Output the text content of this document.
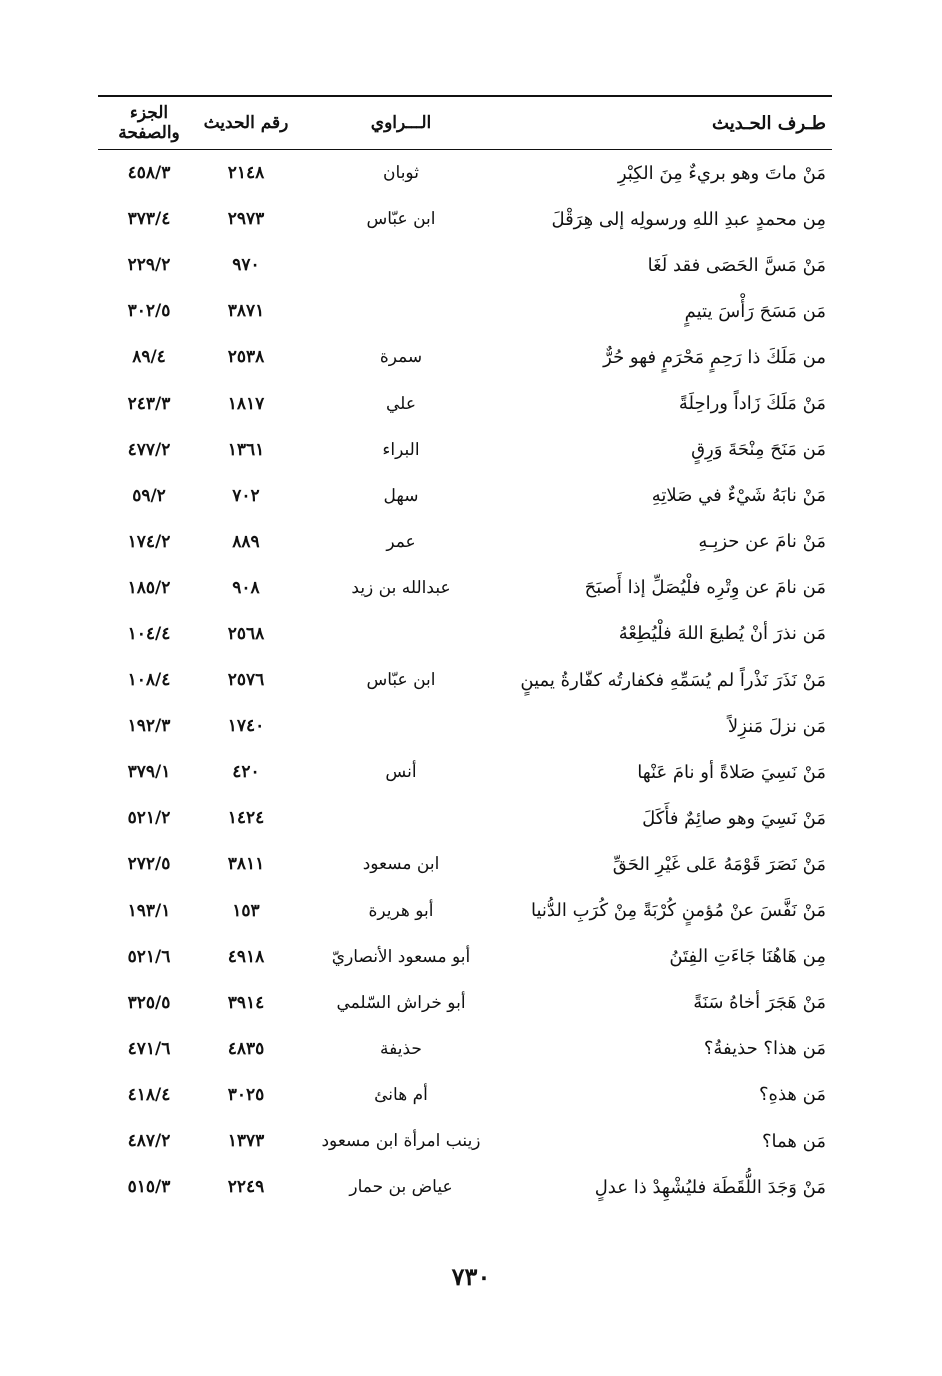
طـرف الحـديث
الـــراوي
رقم الحديث
الجزء والصفحة
مَنْ ماتَ وهو بريءٌ مِنَ الكِبْرِ
ثوبان
٢١٤٨
٤٥٨/٣
مِن محمدٍ عبدِ اللهِ ورسولِه إلى هِرَقْلَ
ابن عبّاس
٢٩٧٣
٣٧٣/٤
مَنْ مَسَّ الحَصَى فقد لَغَا
٩٧٠
٢٢٩/٢
مَن مَسَحَ رَأْسَ يتيمٍ
٣٨٧١
٣٠٢/٥
من مَلَكَ ذا رَحِمٍ مَحْرَمٍ فهو حُرٌّ
سمرة
٢٥٣٨
٨٩/٤
مَنْ مَلَكَ زَاداً وراحِلَةً
علي
١٨١٧
٢٤٣/٣
مَن مَنَحَ مِنْحَةَ وَرِقٍ
البراء
١٣٦١
٤٧٧/٢
مَنْ نابَهُ شَيْءٌ في صَلاتِهِ
سهل
٧٠٢
٥٩/٢
مَنْ نامَ عن حزبِـهِ
عمر
٨٨٩
١٧٤/٢
مَن نامَ عن وِتْرِه فلْيُصَلِّ إذا أَصبَحَ
عبدالله بن زيد
٩٠٨
١٨٥/٢
مَن نذرَ أنْ يُطيعَ اللهَ فلْيُطِعْهُ
٢٥٦٨
١٠٤/٤
مَنْ نَذَرَ نَذْراً لم يُسَمِّهِ فكفارتُه كفّارةُ يمينٍ
ابن عبّاس
٢٥٧٦
١٠٨/٤
مَن نزلَ مَنزِلاً
١٧٤٠
١٩٢/٣
مَنْ نَسِيَ صَلاةً أو نامَ عَنْها
أنس
٤٢٠
٣٧٩/١
مَنْ نَسِيَ وهو صائِمٌ فأَكَلَ
١٤٢٤
٥٢١/٢
مَنْ نَصَرَ قَوْمَهُ عَلى غَيْرِ الحَقِّ
ابن مسعود
٣٨١١
٢٧٢/٥
مَنْ نَفَّسَ عنْ مُؤمنٍ كُرْبَةً مِنْ كُرَبِ الدُّنيا
أبو هريرة
١٥٣
١٩٣/١
مِن هَاهُنَا جَاءَتِ الفِتَنُ
أبو مسعود الأنصاريّ
٤٩١٨
٥٢١/٦
مَنْ هَجَرَ أخاهُ سَنَةً
أبو خراش السّلمي
٣٩١٤
٣٢٥/٥
مَن هذا؟ حذيفةُ؟
حذيفة
٤٨٣٥
٤٧١/٦
مَن هذهِ؟
أم هانئ
٣٠٢٥
٤١٨/٤
مَن هما؟
زينب امرأة ابن مسعود
١٣٧٣
٤٨٧/٢
مَنْ وَجَدَ اللُّقَطَة فليُشْهِدْ ذا عدلٍ
عياض بن حمار
٢٢٤٩
٥١٥/٣
٧٣٠
